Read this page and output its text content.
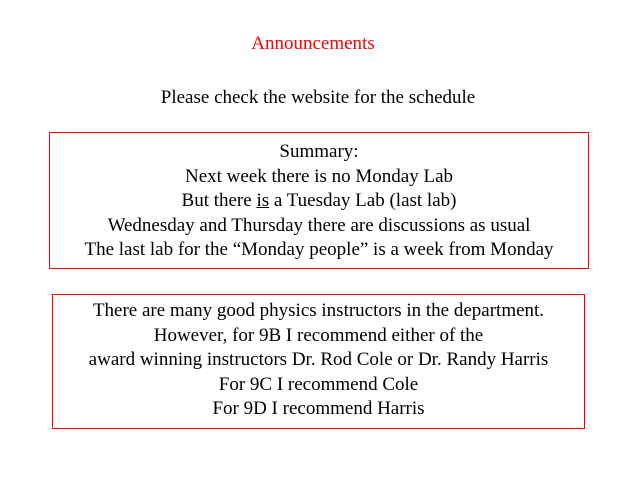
Announcements
Please check the website for the schedule
Summary:
Next week there is no Monday Lab
But there is a Tuesday Lab (last lab)
Wednesday and Thursday there are discussions as usual
The last lab for the “Monday people” is a week from Monday
There are many good physics instructors in the department.
However, for 9B I recommend either of the
award winning instructors Dr. Rod Cole or Dr. Randy Harris
For 9C I recommend Cole
For 9D I recommend Harris
